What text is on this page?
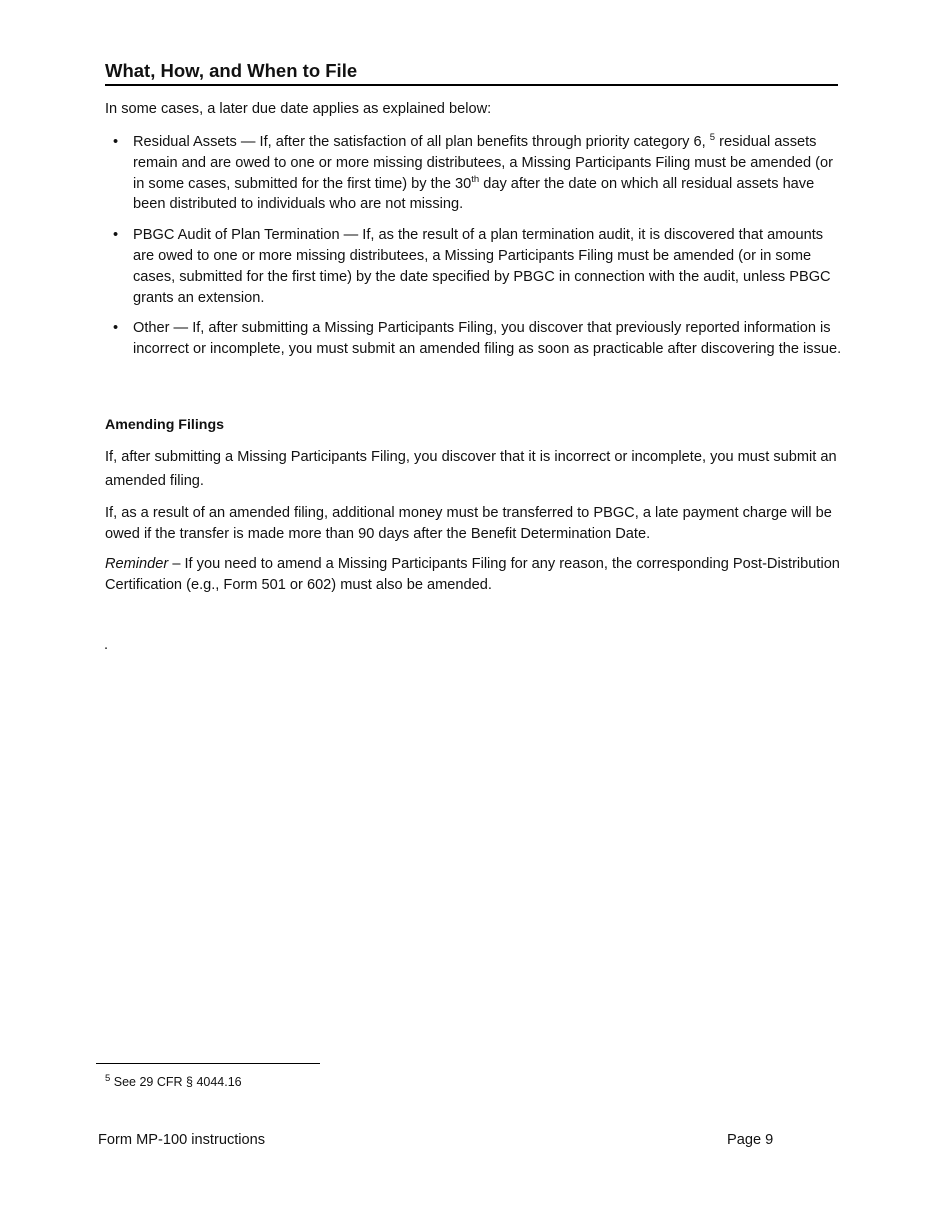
What, How, and When to File

In some cases, a later due date applies as explained below:

• Residual Assets — If, after the satisfaction of all plan benefits through priority category 6, $^5$ residual assets remain and are owed to one or more missing distributees, a Missing Participants Filing must be amended (or in some cases, submitted for the first time) by the 30th day after the date on which all residual assets have been distributed to individuals who are not missing.
• PBGC Audit of Plan Termination — If, as the result of a plan termination audit, it is discovered that amounts are owed to one or more missing distributees, a Missing Participants Filing must be amended (or in some cases, submitted for the first time) by the date specified by PBGC in connection with the audit, unless PBGC grants an extension.
• Other — If, after submitting a Missing Participants Filing, you discover that previously reported information is incorrect or incomplete, you must submit an amended filing as soon as practicable after discovering the issue.

Amending Filings

If, after submitting a Missing Participants Filing, you discover that it is incorrect or incomplete, you must submit an amended filing.

If, as a result of an amended filing, additional money must be transferred to PBGC, a late payment charge will be owed if the transfer is made more than 90 days after the Benefit Determination Date.

Reminder – If you need to amend a Missing Participants Filing for any reason, the corresponding Post-Distribution Certification (e.g., Form 501 or 602) must also be amended.

.

$^5$ See 29 CFR § 4044.16

Form MP-100 instructions	Page 9
